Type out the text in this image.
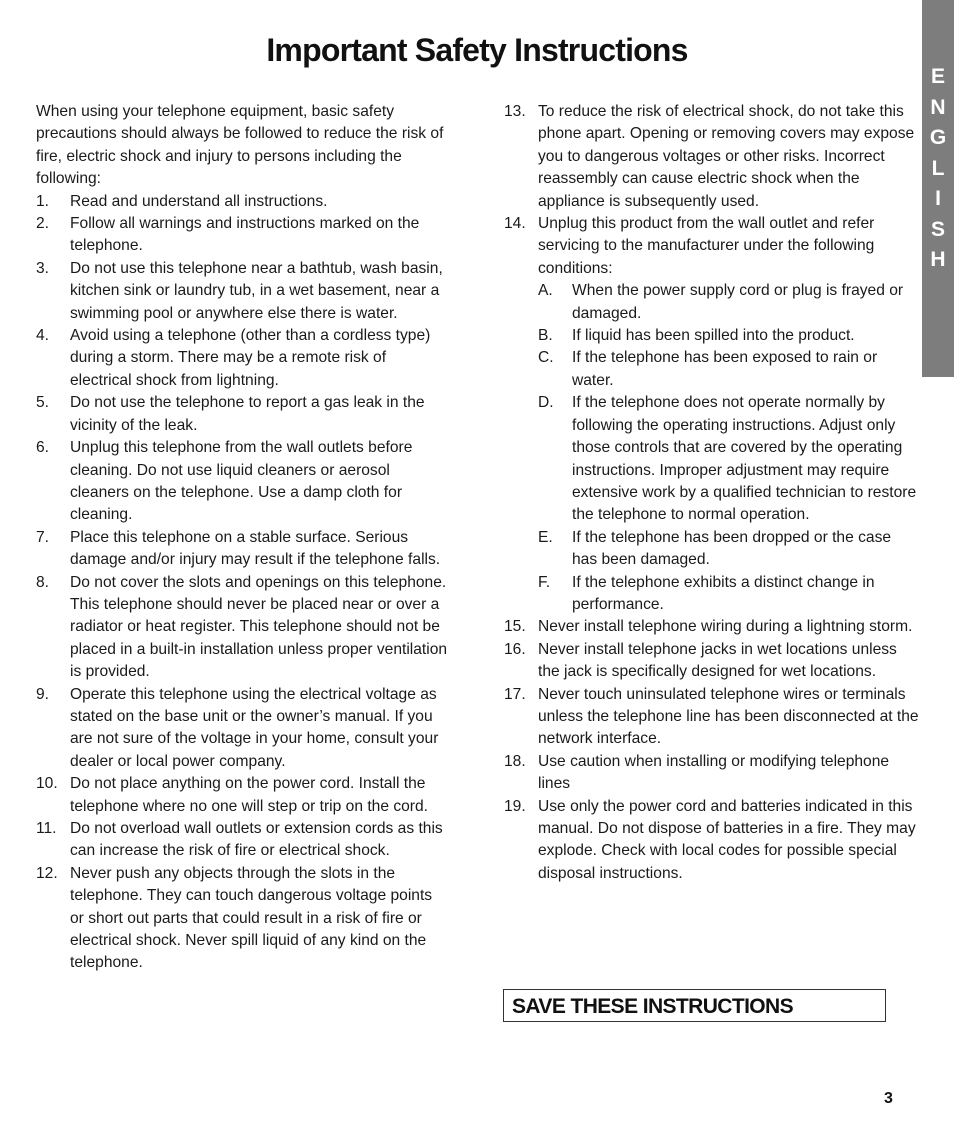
Important Safety Instructions
E
N
G
L
I
S
H

When using your telephone equipment, basic safety precautions should always be followed to reduce the risk of fire, electric shock and injury to persons including the following:

1.	Read and understand all instructions.
2.	Follow all warnings and instructions marked on the telephone.
3.	Do not use this telephone near a bathtub, wash basin, kitchen sink or laundry tub, in a wet basement, near a swimming pool or anywhere else there is water.
4.	Avoid using a telephone (other than a cordless type) during a storm. There may be a remote risk of electrical shock from lightning.
5.	Do not use the telephone to report a gas leak in the vicinity of the leak.
6.	Unplug this telephone from the wall outlets before cleaning. Do not use liquid cleaners or aerosol cleaners on the telephone. Use a damp cloth for cleaning.
7.	Place this telephone on a stable surface. Serious damage and/or injury may result if the telephone falls.
8.	Do not cover the slots and openings on this telephone. This telephone should never be placed near or over a radiator or heat register. This telephone should not be placed in a built-in installation unless proper ventilation is provided.
9.	Operate this telephone using the electrical voltage as stated on the base unit or the owner’s manual. If you are not sure of the voltage in your home, consult your dealer or local power company.
10. Do not place anything on the power cord. Install the telephone where no one will step or trip on the cord.
11. Do not overload wall outlets or extension cords as this can increase the risk of fire or electrical shock.
12. Never push any objects through the slots in the telephone. They can touch dangerous voltage points or short out parts that could result in a risk of fire or electrical shock. Never spill liquid of any kind on the telephone.
13. To reduce the risk of electrical shock, do not take this phone apart. Opening or removing covers may expose you to dangerous voltages or other risks. Incorrect reassembly can cause electric shock when the appliance is subsequently used.
14. Unplug this product from the wall outlet and refer servicing to the manufacturer under the following conditions:
A.	When the power supply cord or plug is frayed or damaged.
B.	If liquid has been spilled into the product.
C.	If the telephone has been exposed to rain or water.
D.	If the telephone does not operate normally by following the operating instructions. Adjust only those controls that are covered by the operating instructions. Improper adjustment may require extensive work by a qualified technician to restore the telephone to normal operation.
E.	If the telephone has been dropped or the case has been damaged.
F.	If the telephone exhibits a distinct change in performance.
15. Never install telephone wiring during a lightning storm.
16. Never install telephone jacks in wet locations unless the jack is specifically designed for wet locations.
17. Never touch uninsulated telephone wires or terminals unless the telephone line has been disconnected at the network interface.
18. Use caution when installing or modifying telephone lines
19. Use only the power cord and batteries indicated in this manual. Do not dispose of batteries in a fire. They may explode. Check with local codes for possible special disposal instructions.
SAVE THESE INSTRUCTIONS
3
